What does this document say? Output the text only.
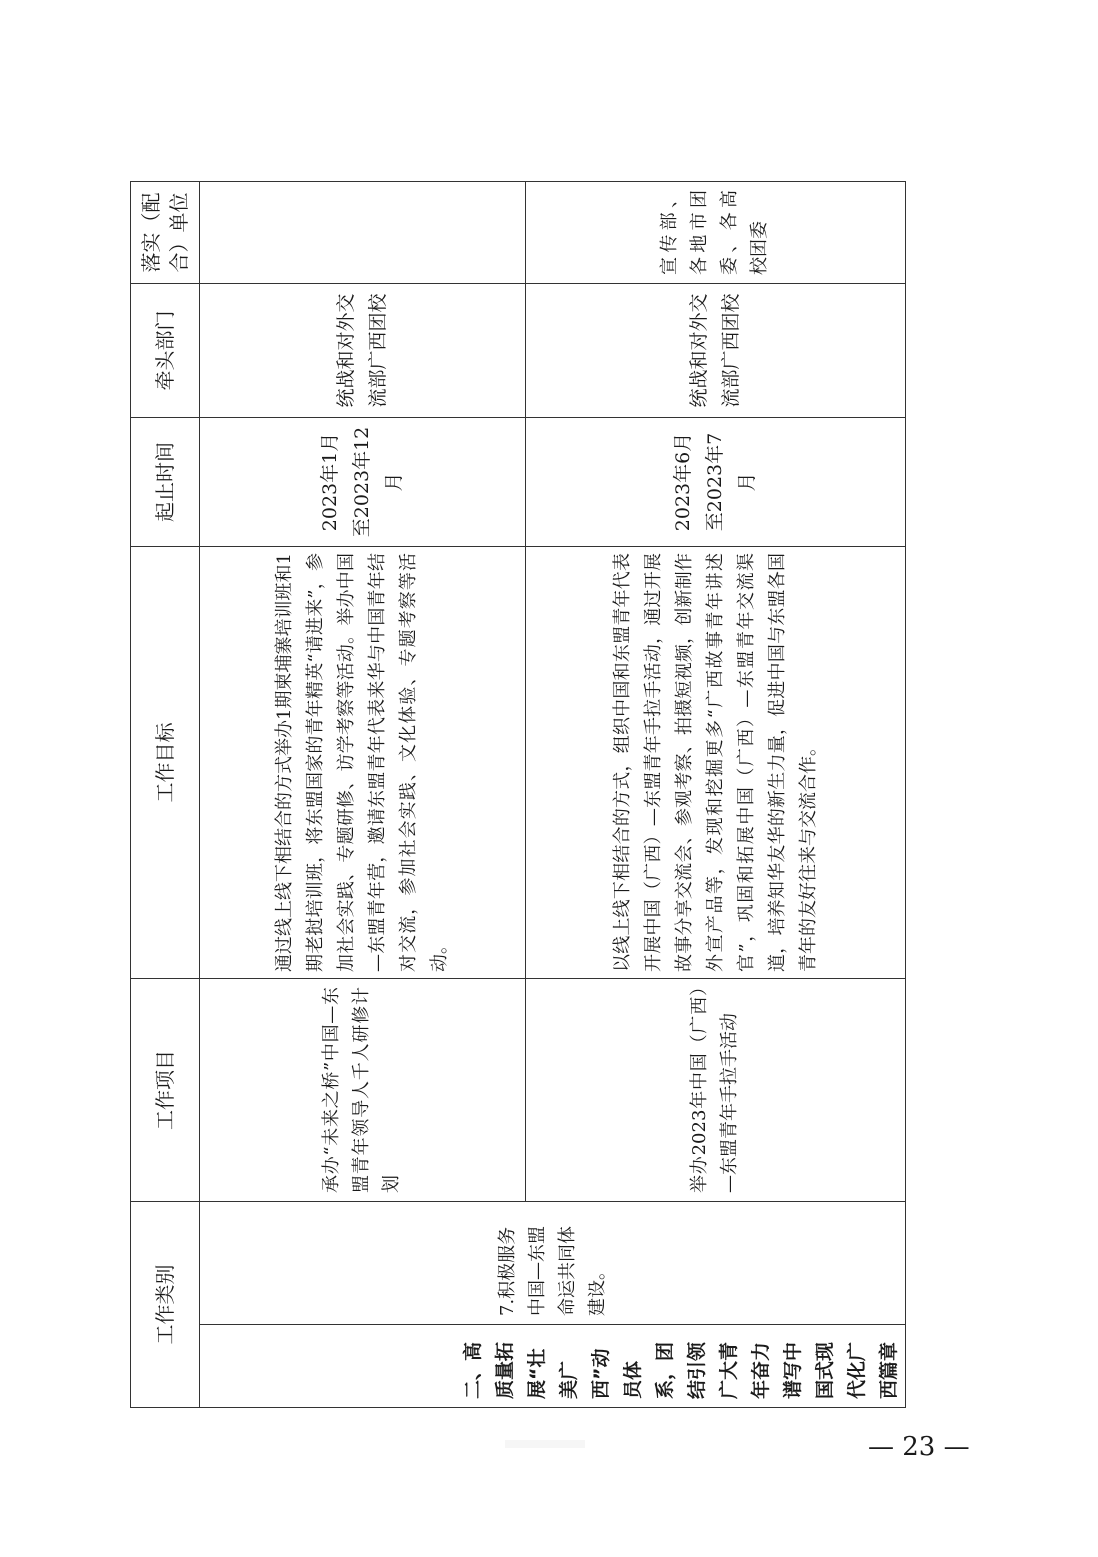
工作类别	工作项目	工作目标	起止时间	牵头部门	落实（配合）单位

二、高质量拓展“壮美广西”动员体系，团结引领广大青年奋力谱写中国式现代化广西篇章
7.积极服务中国—东盟命运共同体建设。	承办“未来之桥”中国—东盟青年领导人千人研修计划	通过线上线下相结合的方式举办1期柬埔寨培训班和1期老挝培训班，将东盟国家的青年精英“请进来”，参加社会实践、专题研修、访学考察等活动。举办中国—东盟青年营，邀请东盟青年代表来华与中国青年结对交流，参加社会实践、文化体验、专题考察等活动。	2023年1月至2023年12月	统战和对外交流部广西团校	
	举办2023年中国（广西）—东盟青年手拉手活动	以线上线下相结合的方式，组织中国和东盟青年代表开展中国（广西）—东盟青年手拉手活动，通过开展故事分享交流会、参观考察、拍摄短视频，创新制作外宣产品等，发现和挖掘更多“广西故事青年讲述官”，巩固和拓展中国（广西）—东盟青年交流渠道，培养知华友华的新生力量，促进中国与东盟各国青年的友好往来与交流合作。	2023年6月至2023年7月	统战和对外交流部广西团校	宣传部、各地市团委、各高校团委
— 23 —
